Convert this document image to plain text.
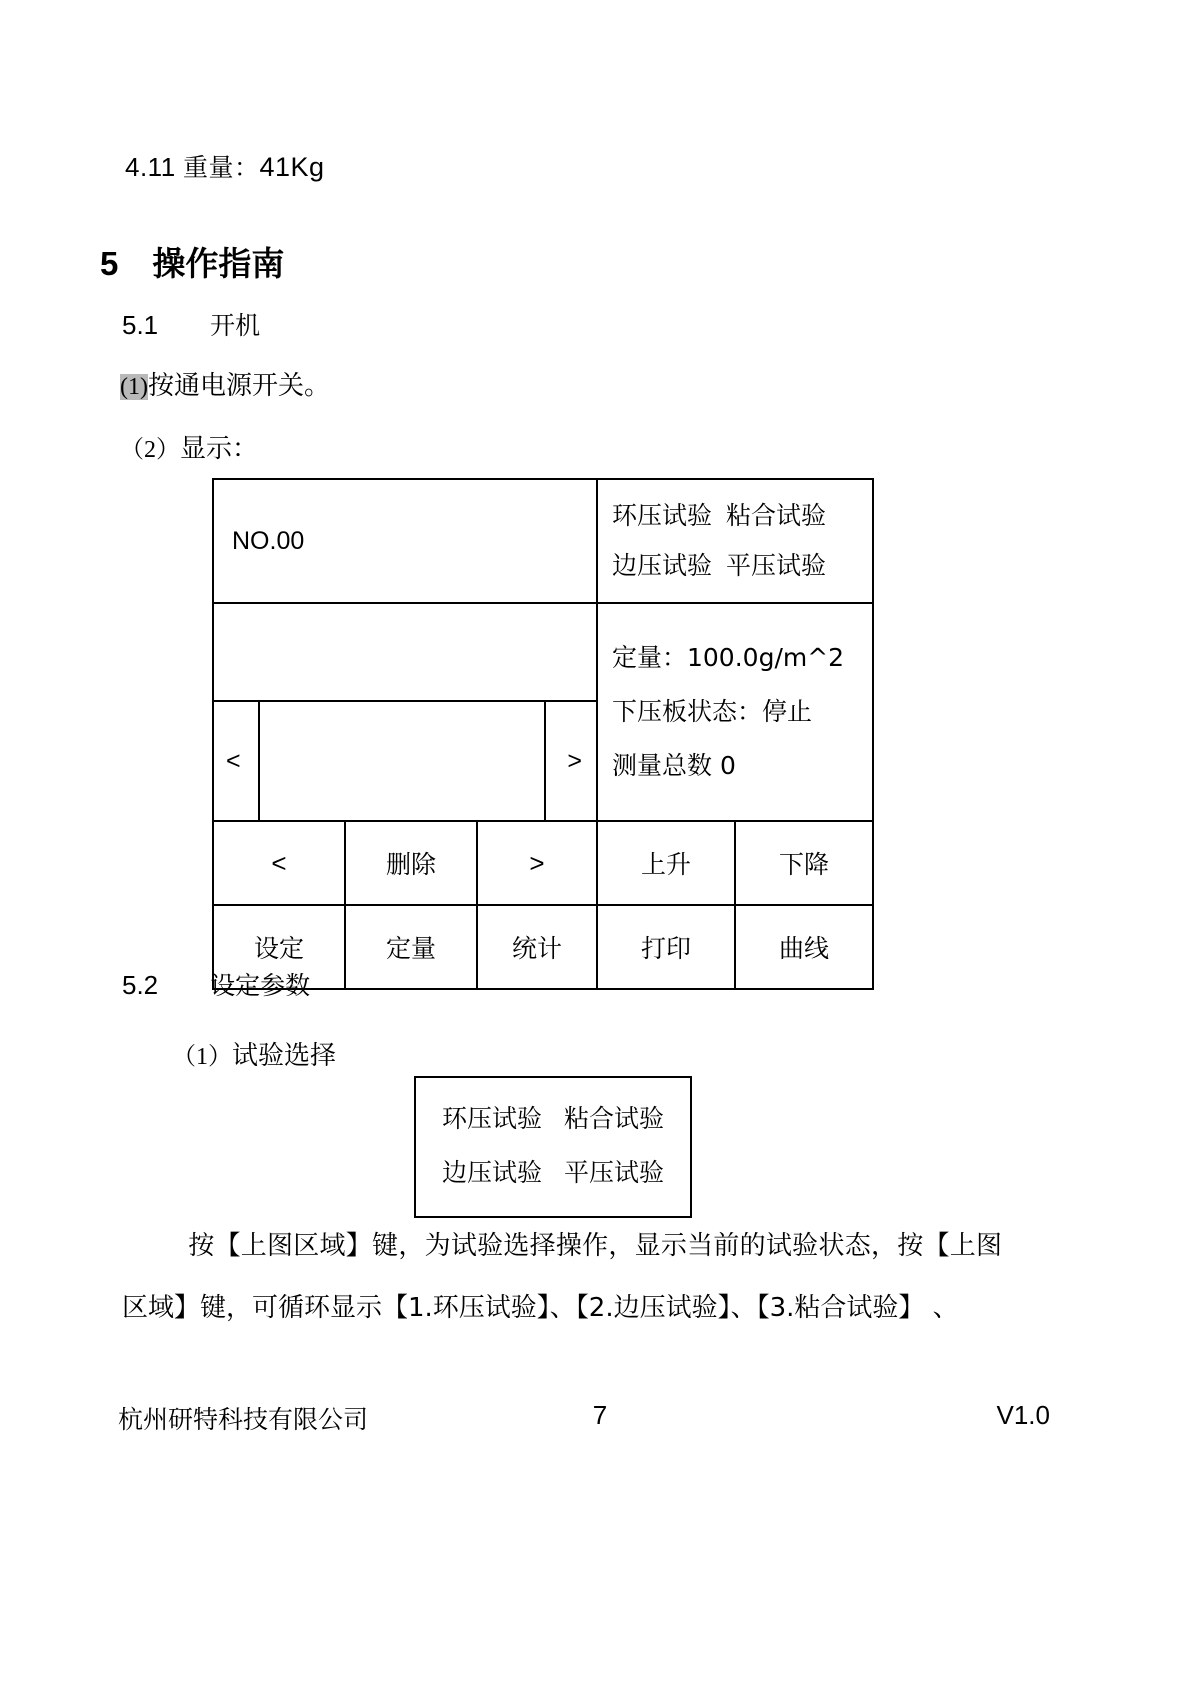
4.11 重量：41Kg
5 操作指南
5.1 开机
(1)按通电源开关。
（2）显示：
NO.00					环压试验 粘合试验
边压试验 平压试验	

					定量：100.0g/m^2
下压板状态：停止
测量总数 0	

<				>		
<		删除	>		上升	下降
设定		定量	统计		打印	曲线
5.2 设定参数
（1）试验选择
环压试验 粘合试验
边压试验 平压试验
按【上图区域】键，为试验选择操作，显示当前的试验状态，按【上图区域】键，可循环显示【1.环压试验】、【2.边压试验】、【3.粘合试验】 、
杭州研特科技有限公司	7	V1.0
